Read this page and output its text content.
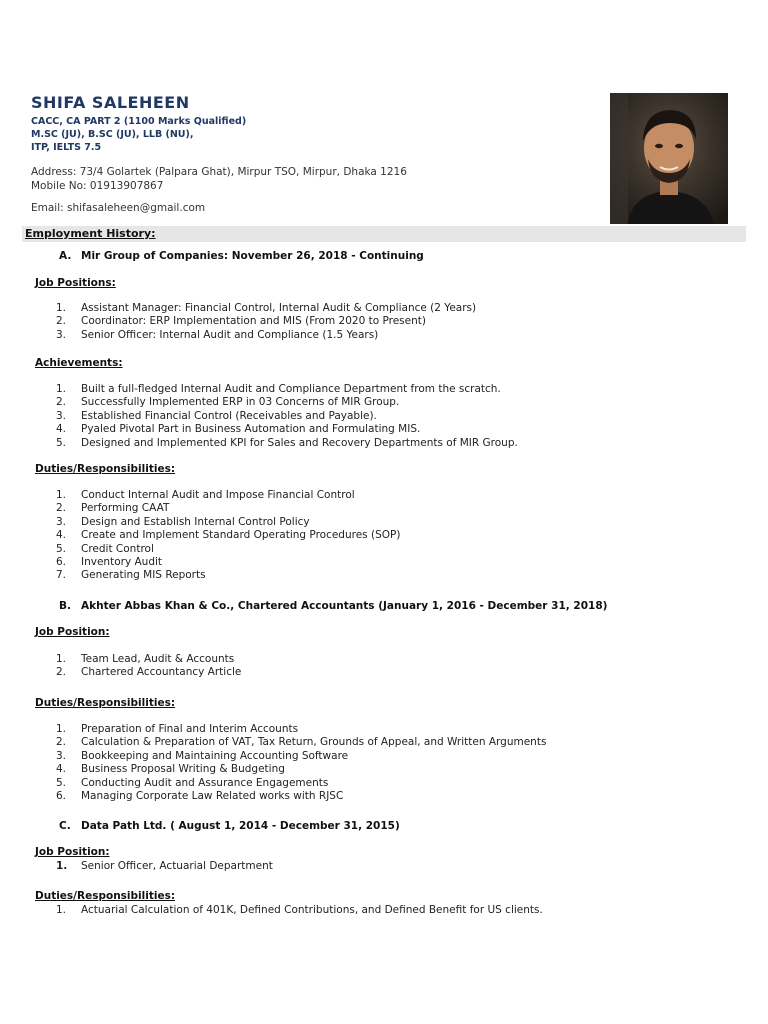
SHIFA SALEHEEN
CACC, CA PART 2 (1100 Marks Qualified)
M.SC (JU), B.SC (JU), LLB (NU),
ITP, IELTS 7.5
Address: 73/4 Golartek (Palpara Ghat), Mirpur TSO, Mirpur, Dhaka 1216
Mobile No: 01913907867
Email: shifasaleheen@gmail.com
Employment History:
A. Mir Group of Companies: November 26, 2018 - Continuing
Job Positions:
1. Assistant Manager: Financial Control, Internal Audit & Compliance (2 Years)
2. Coordinator: ERP Implementation and MIS (From 2020 to Present)
3. Senior Officer: Internal Audit and Compliance (1.5 Years)
Achievements:
1. Built a full-fledged Internal Audit and Compliance Department from the scratch.
2. Successfully Implemented ERP in 03 Concerns of MIR Group.
3. Established Financial Control (Receivables and Payable).
4. Pyaled Pivotal Part in Business Automation and Formulating MIS.
5. Designed and Implemented KPI for Sales and Recovery Departments of MIR Group.
Duties/Responsibilities:
1. Conduct Internal Audit and Impose Financial Control
2. Performing CAAT
3. Design and Establish Internal Control Policy
4. Create and Implement Standard Operating Procedures (SOP)
5. Credit Control
6. Inventory Audit
7. Generating MIS Reports
B. Akhter Abbas Khan & Co., Chartered Accountants (January 1, 2016 - December 31, 2018)
Job Position:
1. Team Lead, Audit & Accounts
2. Chartered Accountancy Article
Duties/Responsibilities:
1. Preparation of Final and Interim Accounts
2. Calculation & Preparation of VAT, Tax Return, Grounds of Appeal, and Written Arguments
3. Bookkeeping and Maintaining Accounting Software
4. Business Proposal Writing & Budgeting
5. Conducting Audit and Assurance Engagements
6. Managing Corporate Law Related works with RJSC
C. Data Path Ltd. ( August 1, 2014 - December 31, 2015)
Job Position:
1. Senior Officer, Actuarial Department
Duties/Responsibilities:
1. Actuarial Calculation of 401K, Defined Contributions, and Defined Benefit for US clients.
